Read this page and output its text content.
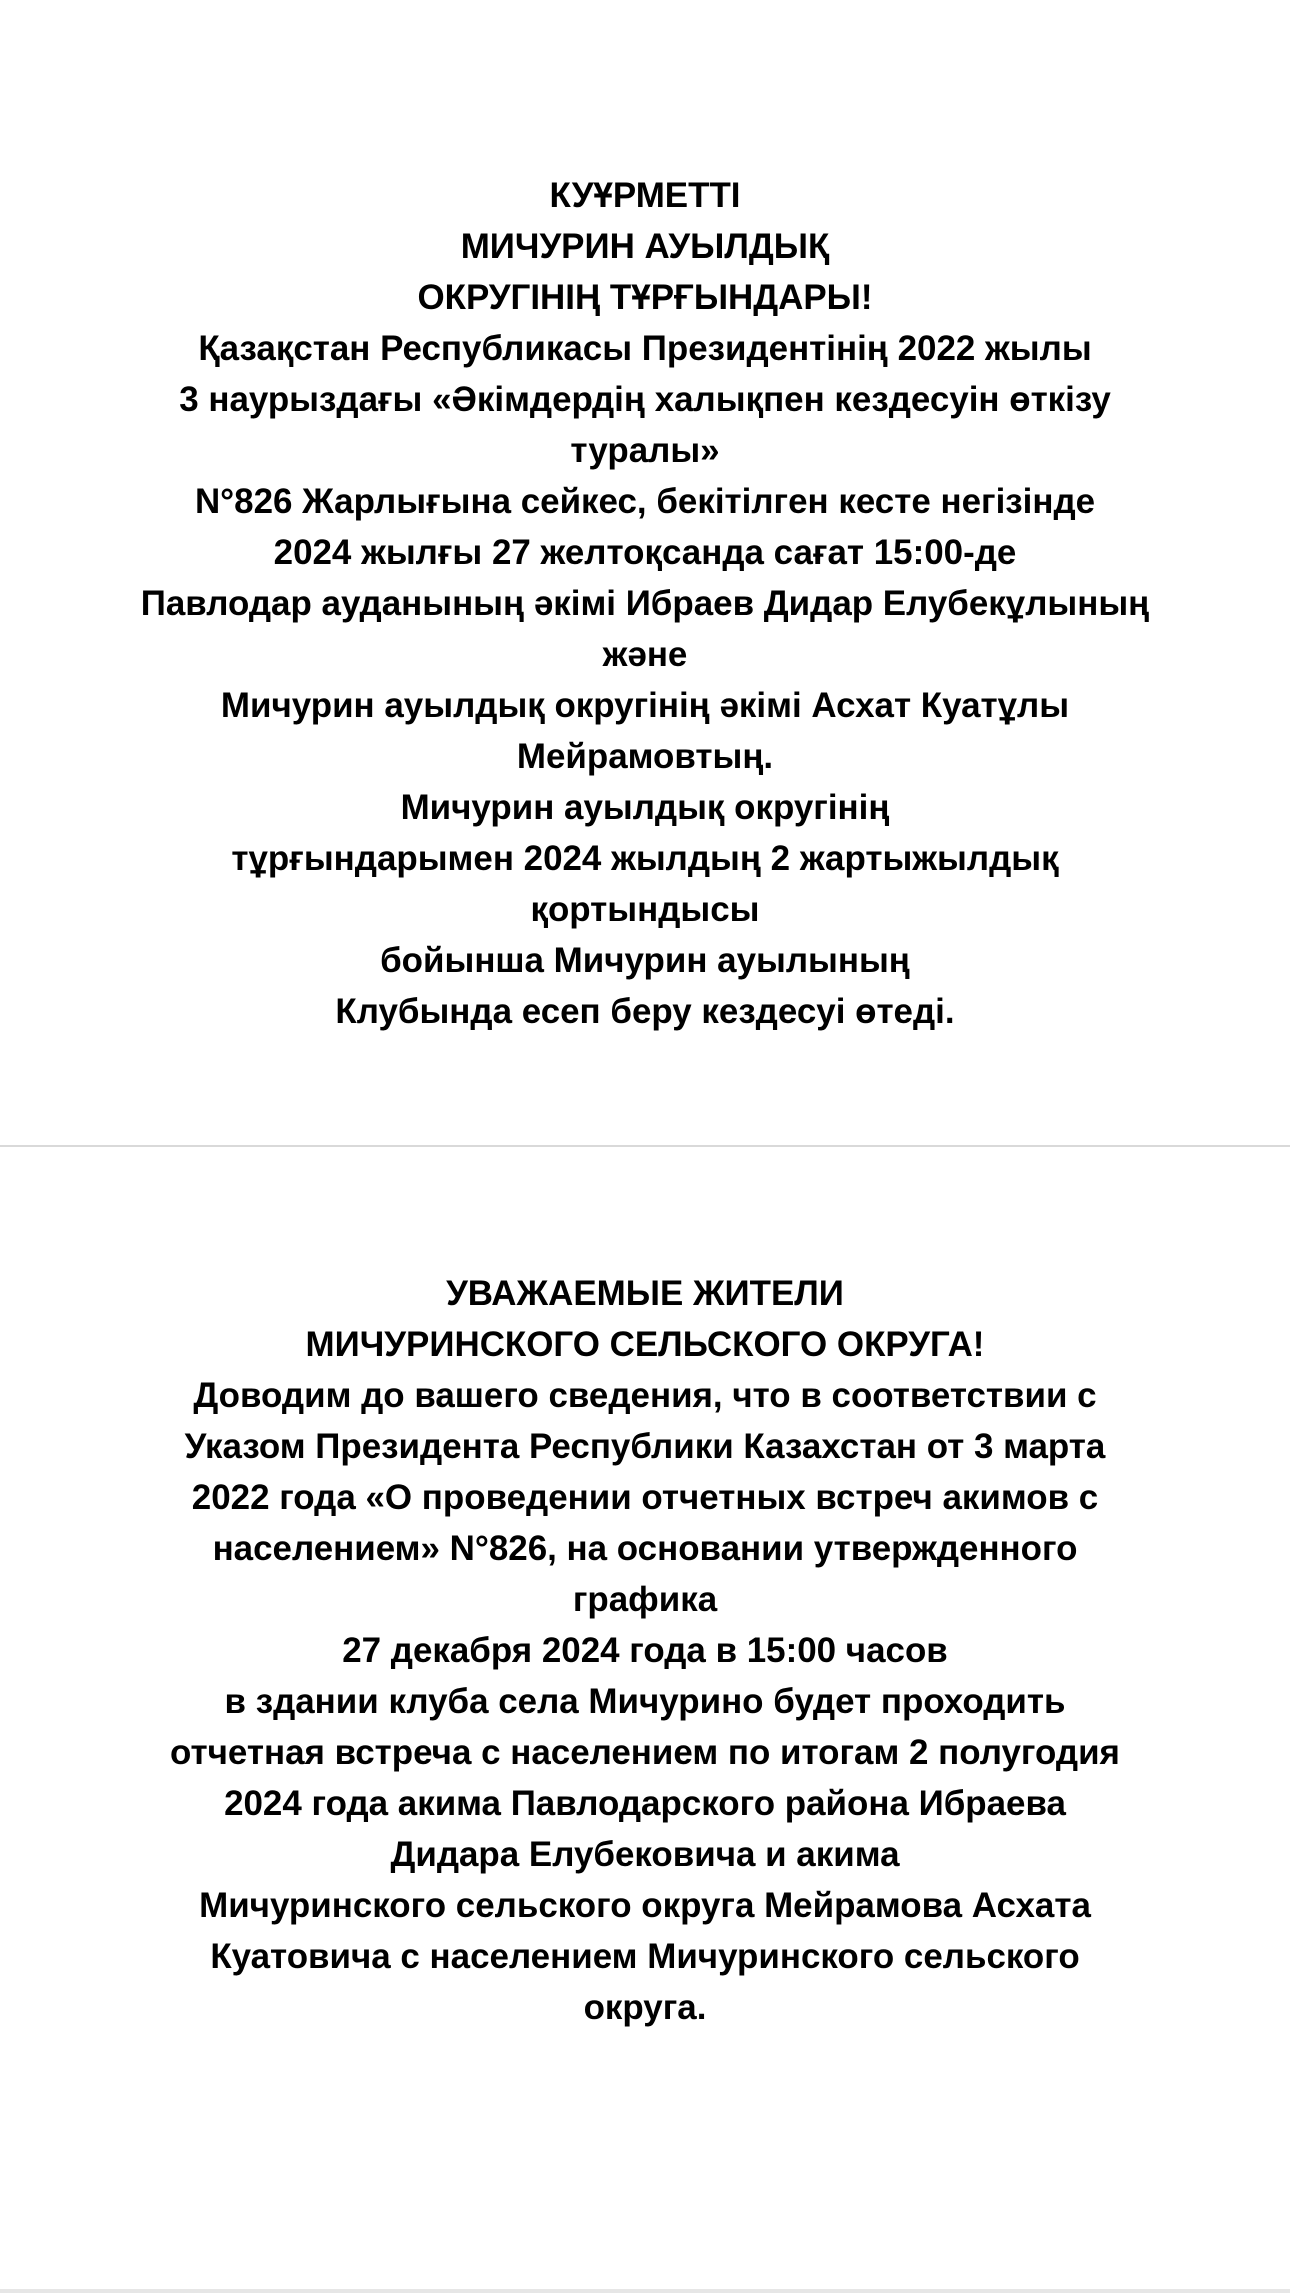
КУҰРМЕТТІ
МИЧУРИН АУЫЛДЫҚ
ОКРУГІНІҢ ТҰРҒЫНДАРЫ!
Қазақстан Республикасы Президентінің 2022 жылы
3 наурыздағы «Әкімдердің халықпен кездесуін өткізу
туралы»
N°826 Жарлығына сейкес, бекітілген кесте негізінде
2024 жылғы 27 желтоқсанда сағат 15:00-де
Павлодар ауданының әкімі Ибраев Дидар Елубекұлының
және
Мичурин ауылдық округінің әкімі Асхат Куатұлы
Мейрамовтың.
Мичурин ауылдық округінің
тұрғындарымен 2024 жылдың 2 жартыжылдық
қортындысы
бойынша Мичурин ауылының
Клубында есеп беру кездесуі өтеді.
УВАЖАЕМЫЕ ЖИТЕЛИ
МИЧУРИНСКОГО СЕЛЬСКОГО ОКРУГА!
Доводим до вашего сведения, что в соответствии с
Указом Президента Республики Казахстан от 3 марта
2022 года «О проведении отчетных встреч акимов с
населением» N°826, на основании утвержденного
графика
27 декабря 2024 года в 15:00 часов
в здании клуба села Мичурино будет проходить
отчетная встреча с населением по итогам 2 полугодия
2024 года акима Павлодарского района Ибраева
Дидара Елубековича и акима
Мичуринского сельского округа Мейрамова Асхата
Куатовича с населением Мичуринского сельского
округа.
